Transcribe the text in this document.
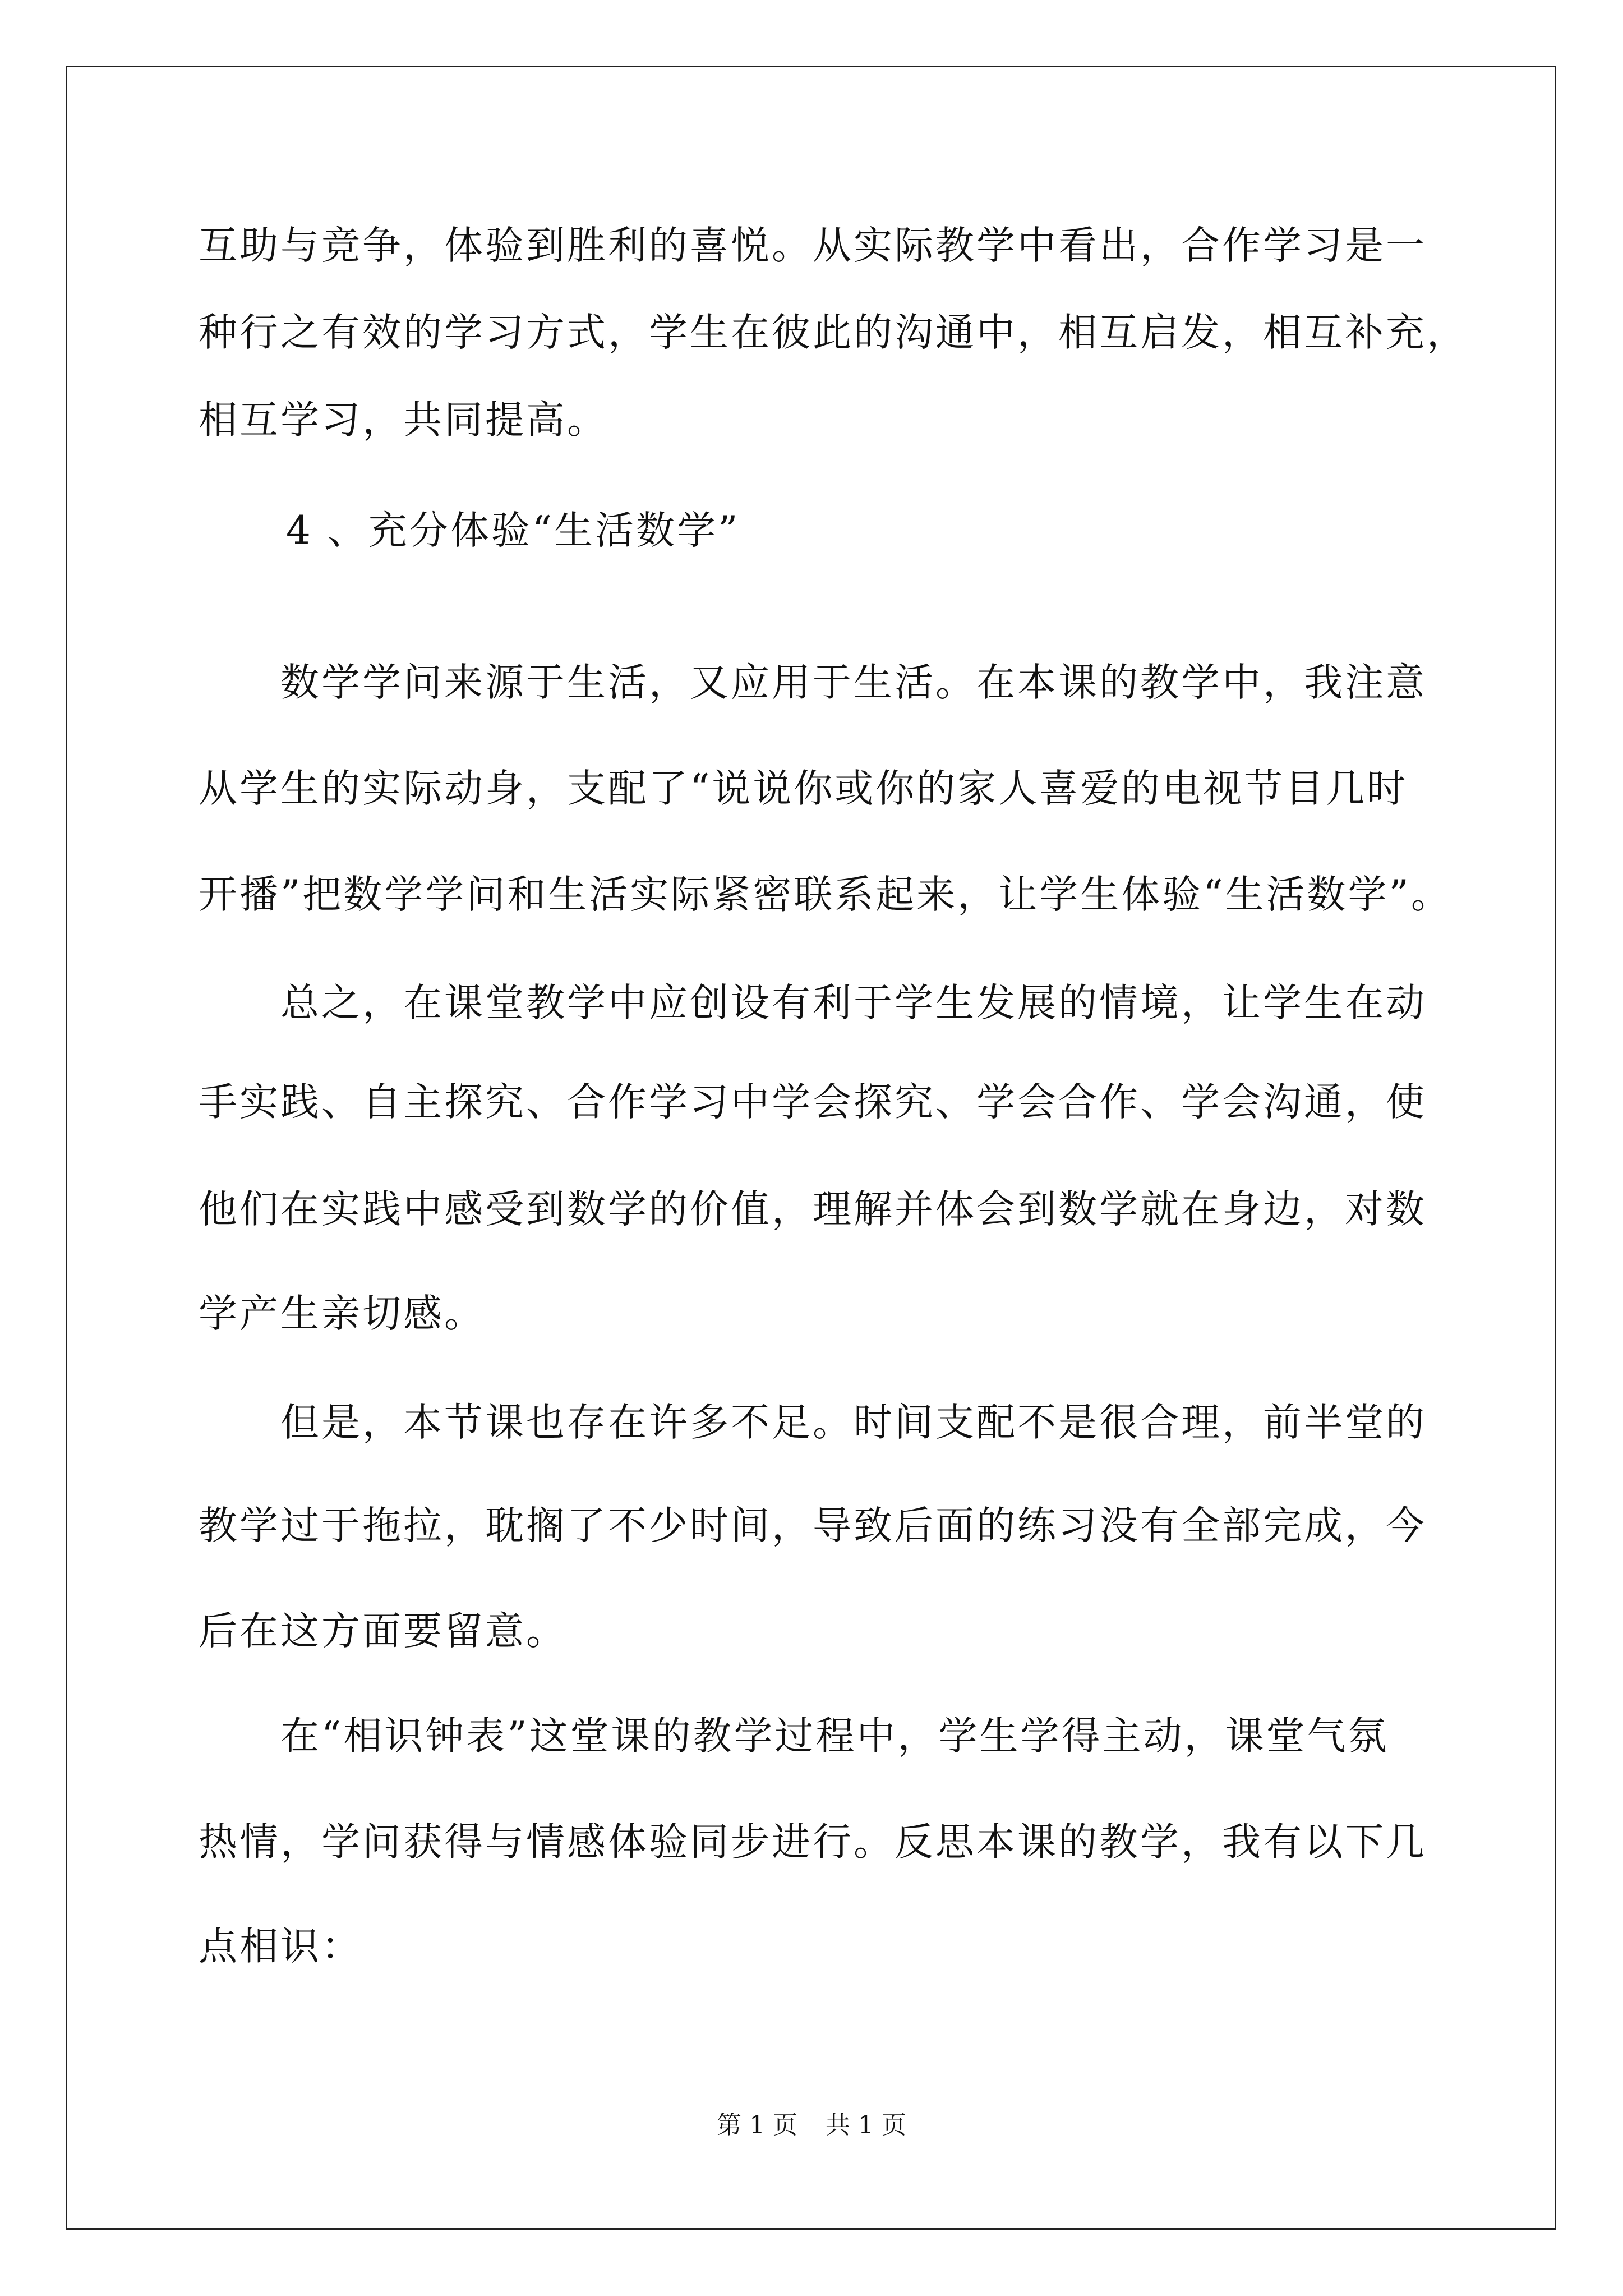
互助与竞争，体验到胜利的喜悦。从实际教学中看出，合作学习是一
种行之有效的学习方式，学生在彼此的沟通中，相互启发，相互补充，
相互学习，共同提高。
4 、充分体验“生活数学”
数学学问来源于生活，又应用于生活。在本课的教学中，我注意
从学生的实际动身，支配了“说说你或你的家人喜爱的电视节目几时
开播”把数学学问和生活实际紧密联系起来，让学生体验“生活数学”。
总之，在课堂教学中应创设有利于学生发展的情境，让学生在动
手实践、自主探究、合作学习中学会探究、学会合作、学会沟通，使
他们在实践中感受到数学的价值，理解并体会到数学就在身边，对数
学产生亲切感。
但是，本节课也存在许多不足。时间支配不是很合理，前半堂的
教学过于拖拉，耽搁了不少时间，导致后面的练习没有全部完成，今
后在这方面要留意。
在“相识钟表”这堂课的教学过程中，学生学得主动，课堂气氛
热情，学问获得与情感体验同步进行。反思本课的教学，我有以下几
点相识：
第 1 页 共 1 页
